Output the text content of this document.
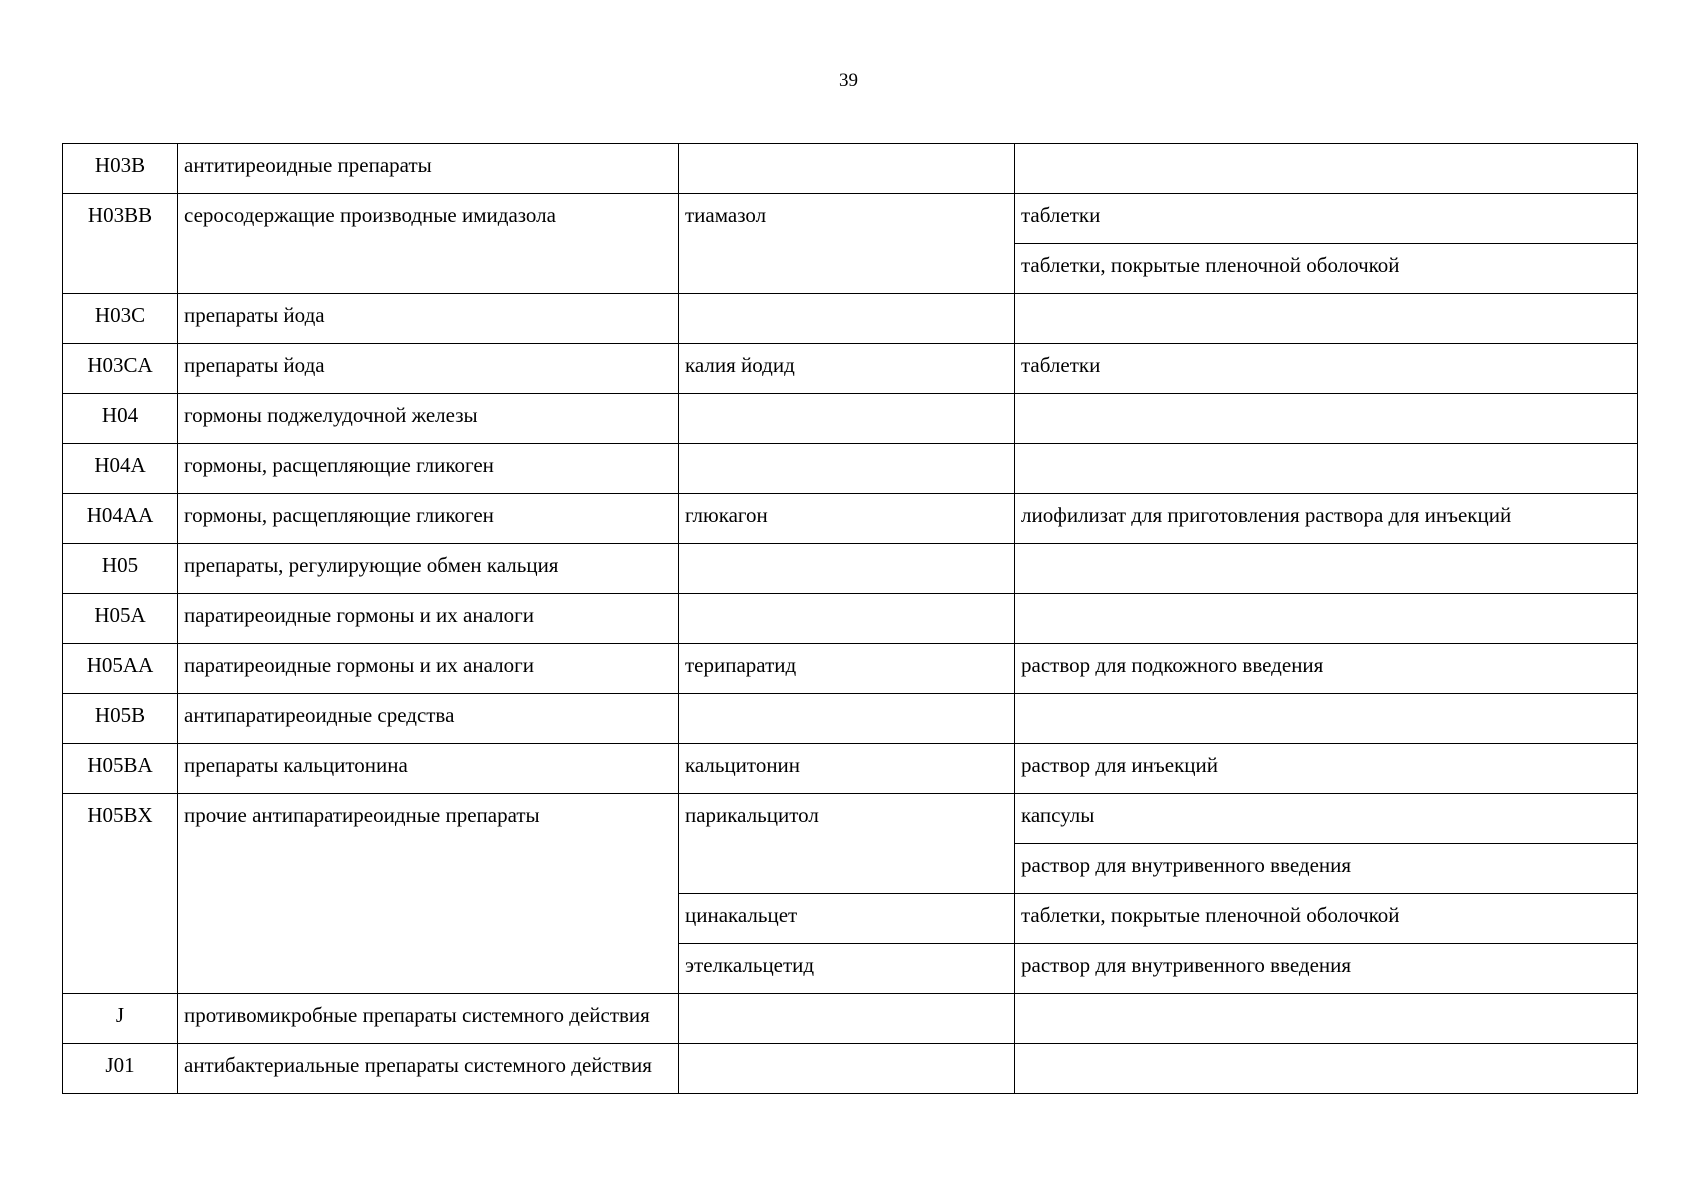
39
H03B	антитиреоидные препараты		
H03BB	серосодержащие производные имидазола	тиамазол	таблетки
			таблетки, покрытые пленочной оболочкой
H03C	препараты йода		
H03CA	препараты йода	калия йодид	таблетки
H04	гормоны поджелудочной железы		
H04A	гормоны, расщепляющие гликоген		
H04AA	гормоны, расщепляющие гликоген	глюкагон	лиофилизат для приготовления раствора для инъекций
H05	препараты, регулирующие обмен кальция		
H05A	паратиреоидные гормоны и их аналоги		
H05AA	паратиреоидные гормоны и их аналоги	терипаратид	раствор для подкожного введения
H05B	антипаратиреоидные средства		
H05BA	препараты кальцитонина	кальцитонин	раствор для инъекций
H05BX	прочие антипаратиреоидные препараты	парикальцитол	капсулы
			раствор для внутривенного введения
		цинакальцет	таблетки, покрытые пленочной оболочкой
		этелкальцетид	раствор для внутривенного введения
J	противомикробные препараты системного действия		
J01	антибактериальные препараты системного действия		
